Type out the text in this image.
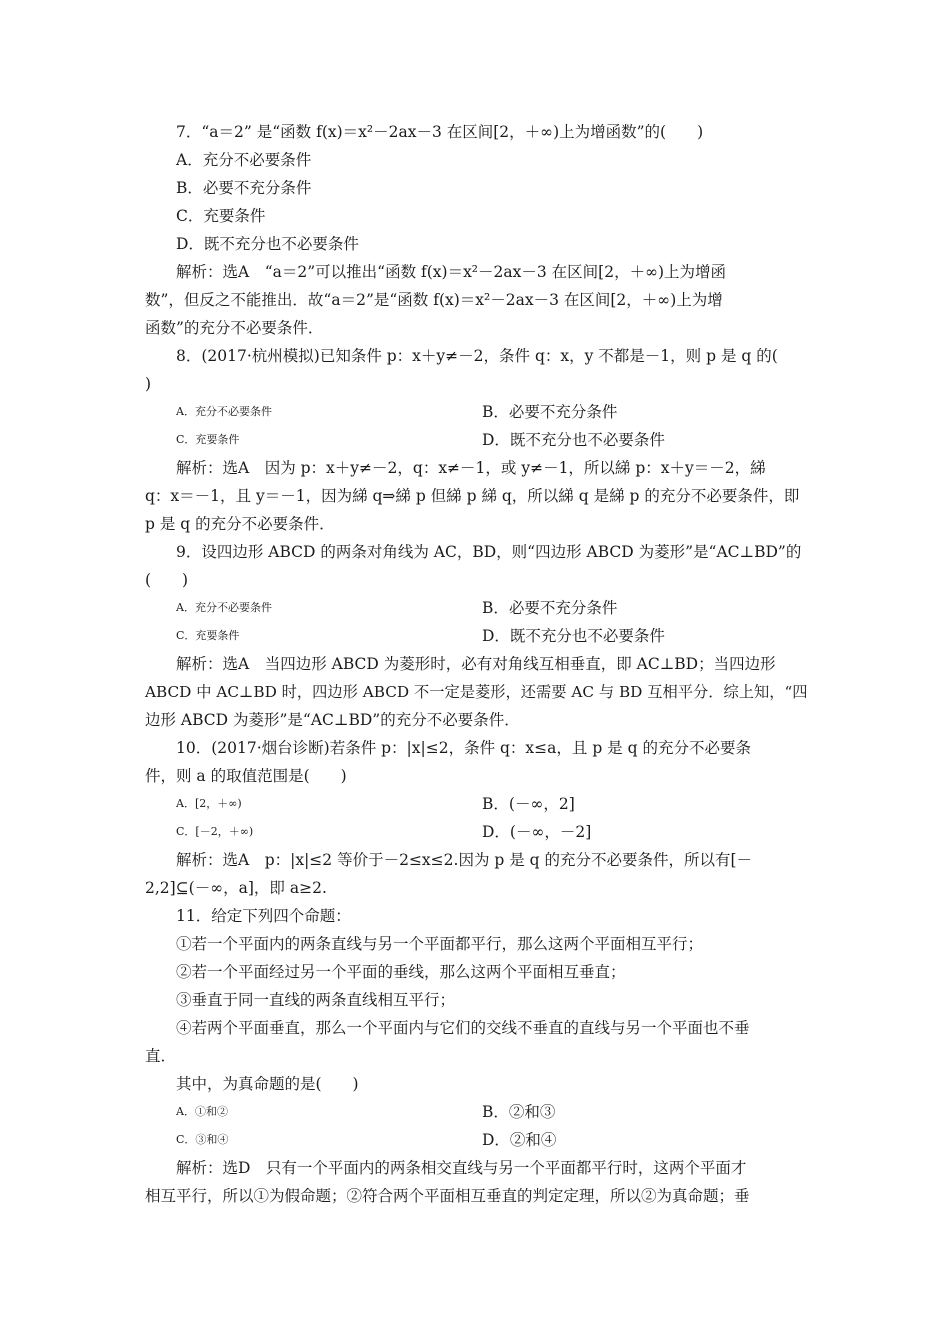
7．“a＝2” 是“函数 f(x)＝x²－2ax－3 在区间[2，＋∞)上为增函数”的(　　)
A．充分不必要条件
B．必要不充分条件
C．充要条件
D．既不充分也不必要条件
解析：选A　“a＝2”可以推出“函数 f(x)＝x²－2ax－3 在区间[2，＋∞)上为增函
数”，但反之不能推出．故“a＝2”是“函数 f(x)＝x²－2ax－3 在区间[2，＋∞)上为增
函数”的充分不必要条件．
8．(2017·杭州模拟)已知条件 p：x＋y≠－2，条件 q：x，y 不都是－1，则 p 是 q 的(
)
A．充分不必要条件	B．必要不充分条件
C．充要条件	D．既不充分也不必要条件
解析：选A　因为 p：x＋y≠－2，q：x≠－1，或 y≠－1，所以綈 p：x＋y＝－2，綈
q：x＝－1，且 y＝－1，因为綈 q⇒綈 p 但綈 p 綈 q，所以綈 q 是綈 p 的充分不必要条件，即
p 是 q 的充分不必要条件．
9．设四边形 ABCD 的两条对角线为 AC，BD，则“四边形 ABCD 为菱形”是“AC⊥BD”的
(　　)
A．充分不必要条件	B．必要不充分条件
C．充要条件	D．既不充分也不必要条件
解析：选A　当四边形 ABCD 为菱形时，必有对角线互相垂直，即 AC⊥BD；当四边形
ABCD 中 AC⊥BD 时，四边形 ABCD 不一定是菱形，还需要 AC 与 BD 互相平分．综上知，“四
边形 ABCD 为菱形”是“AC⊥BD”的充分不必要条件．
10．(2017·烟台诊断)若条件 p：|x|≤2，条件 q：x≤a，且 p 是 q 的充分不必要条
件，则 a 的取值范围是(　　)
A．[2，＋∞)	B．(－∞，2]
C．[－2，＋∞)	D．(－∞，－2]
解析：选A　p：|x|≤2 等价于－2≤x≤2.因为 p 是 q 的充分不必要条件，所以有[－
2,2]⊆(－∞，a]，即 a≥2.
11．给定下列四个命题：
①若一个平面内的两条直线与另一个平面都平行，那么这两个平面相互平行；
②若一个平面经过另一个平面的垂线，那么这两个平面相互垂直；
③垂直于同一直线的两条直线相互平行；
④若两个平面垂直，那么一个平面内与它们的交线不垂直的直线与另一个平面也不垂
直．
其中，为真命题的是(　　)
A．①和②	B．②和③
C．③和④	D．②和④
解析：选D　只有一个平面内的两条相交直线与另一个平面都平行时，这两个平面才
相互平行，所以①为假命题；②符合两个平面相互垂直的判定定理，所以②为真命题；垂
